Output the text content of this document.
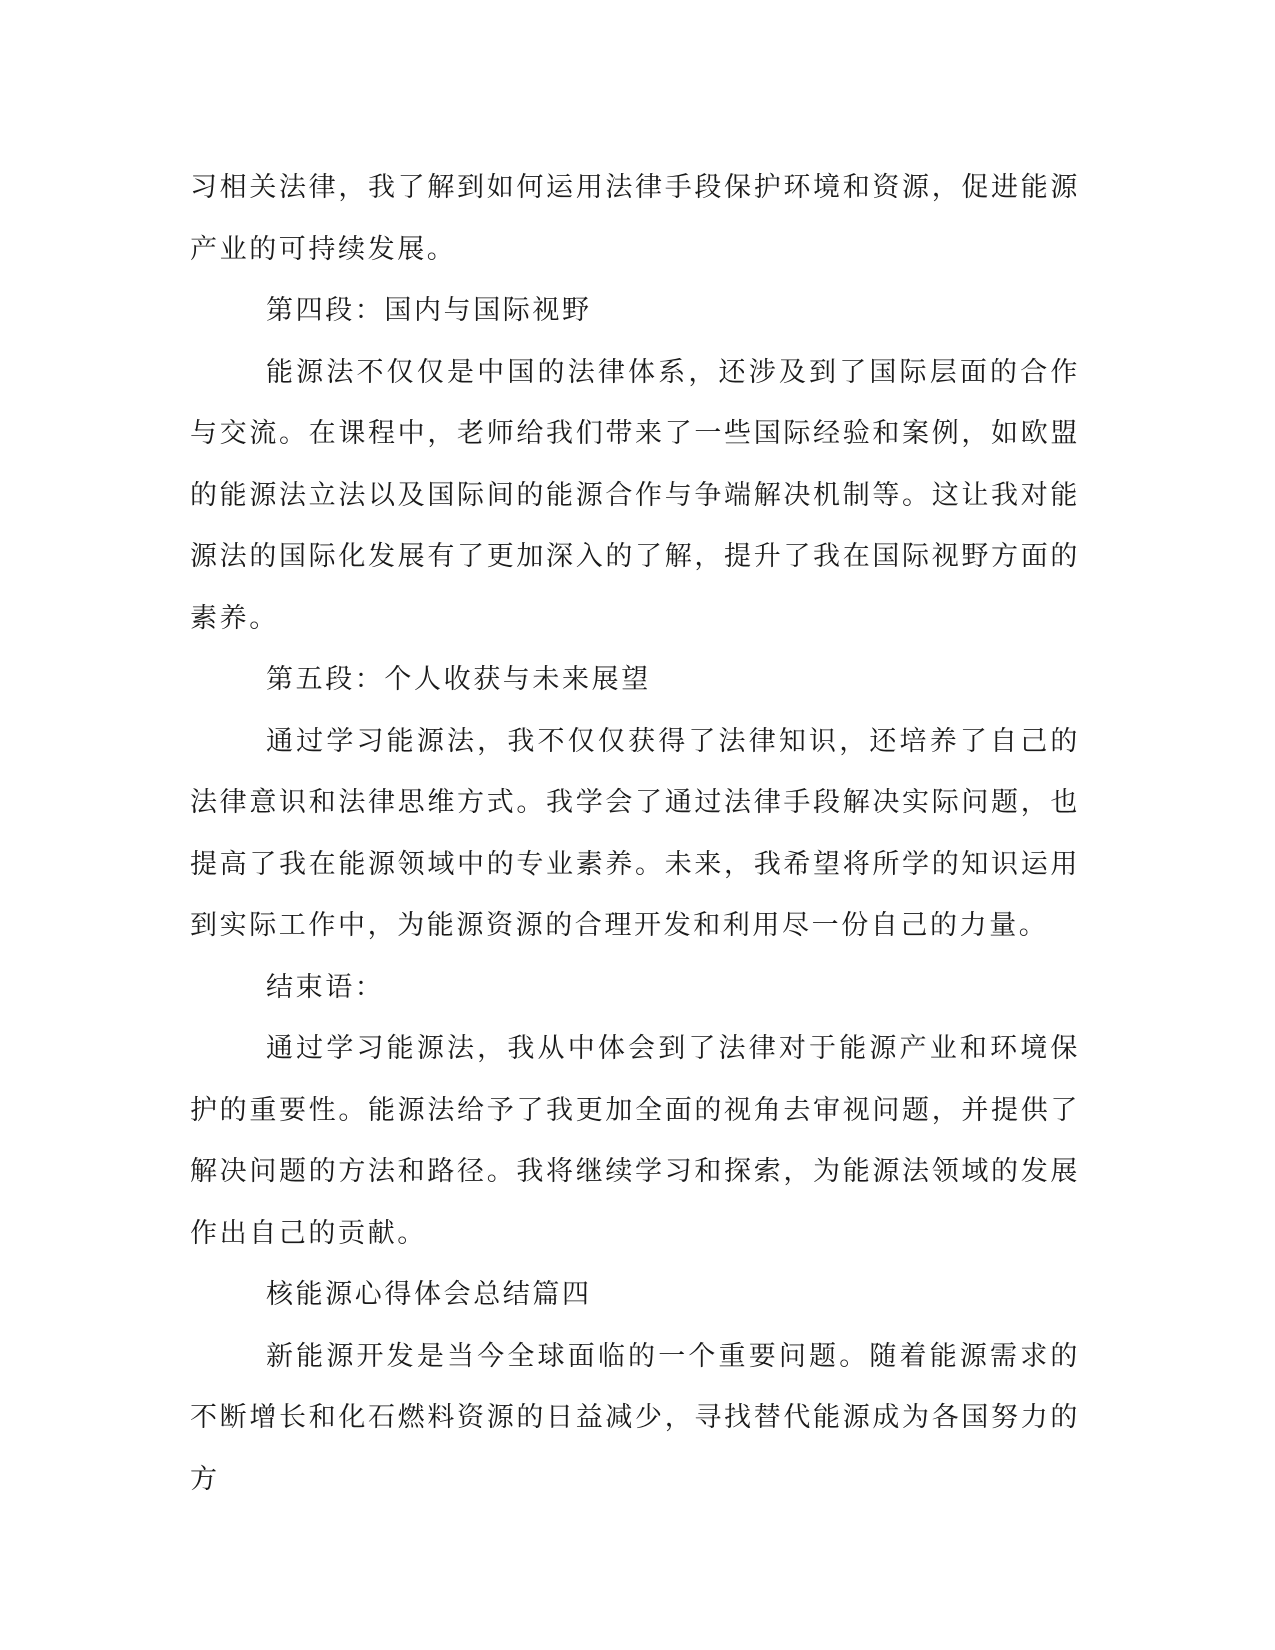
习相关法律，我了解到如何运用法律手段保护环境和资源，促进能源产业的可持续发展。

第四段：国内与国际视野

能源法不仅仅是中国的法律体系，还涉及到了国际层面的合作与交流。在课程中，老师给我们带来了一些国际经验和案例，如欧盟的能源法立法以及国际间的能源合作与争端解决机制等。这让我对能源法的国际化发展有了更加深入的了解，提升了我在国际视野方面的素养。

第五段：个人收获与未来展望

通过学习能源法，我不仅仅获得了法律知识，还培养了自己的法律意识和法律思维方式。我学会了通过法律手段解决实际问题，也提高了我在能源领域中的专业素养。未来，我希望将所学的知识运用到实际工作中，为能源资源的合理开发和利用尽一份自己的力量。

结束语：

通过学习能源法，我从中体会到了法律对于能源产业和环境保护的重要性。能源法给予了我更加全面的视角去审视问题，并提供了解决问题的方法和路径。我将继续学习和探索，为能源法领域的发展作出自己的贡献。

核能源心得体会总结篇四

新能源开发是当今全球面临的一个重要问题。随着能源需求的不断增长和化石燃料资源的日益减少，寻找替代能源成为各国努力的方
